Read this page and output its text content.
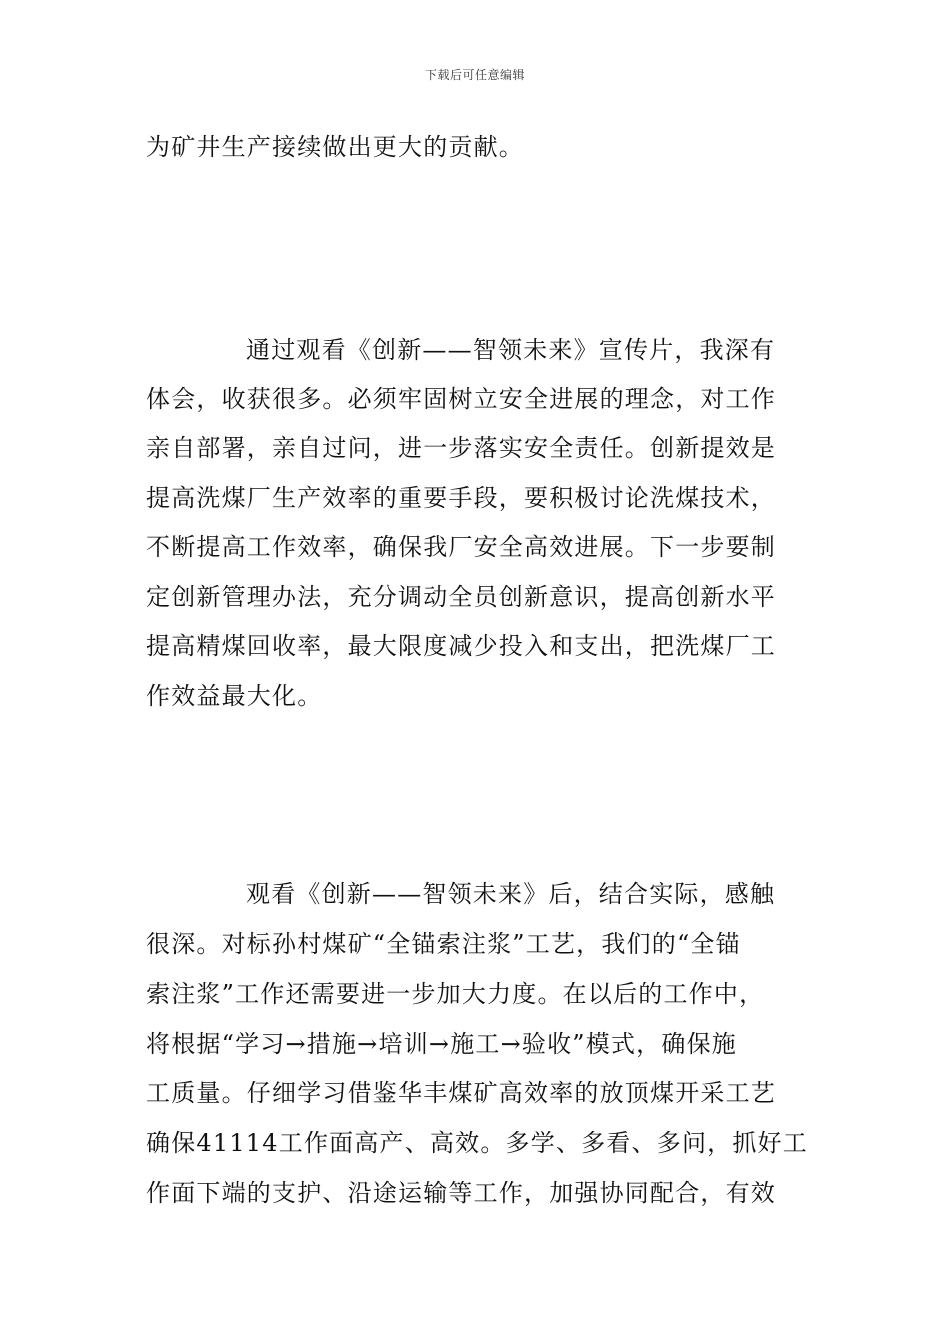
下载后可任意编辑
为矿井生产接续做出更大的贡献。
通过观看《创新——智领未来》宣传片，我深有
体会，收获很多。必须牢固树立安全进展的理念，对工作
亲自部署，亲自过问，进一步落实安全责任。创新提效是
提高洗煤厂生产效率的重要手段，要积极讨论洗煤技术，
不断提高工作效率，确保我厂安全高效进展。下一步要制
定创新管理办法，充分调动全员创新意识，提高创新水平
提高精煤回收率，最大限度减少投入和支出，把洗煤厂工
作效益最大化。
观看《创新——智领未来》后，结合实际，感触
很深。对标孙村煤矿“全锚索注浆”工艺，我们的“全锚
索注浆”工作还需要进一步加大力度。在以后的工作中，
将根据“学习→措施→培训→施工→验收”模式，确保施
工质量。仔细学习借鉴华丰煤矿高效率的放顶煤开采工艺
确保41114工作面高产、高效。多学、多看、多问，抓好工
作面下端的支护、沿途运输等工作，加强协同配合，有效
